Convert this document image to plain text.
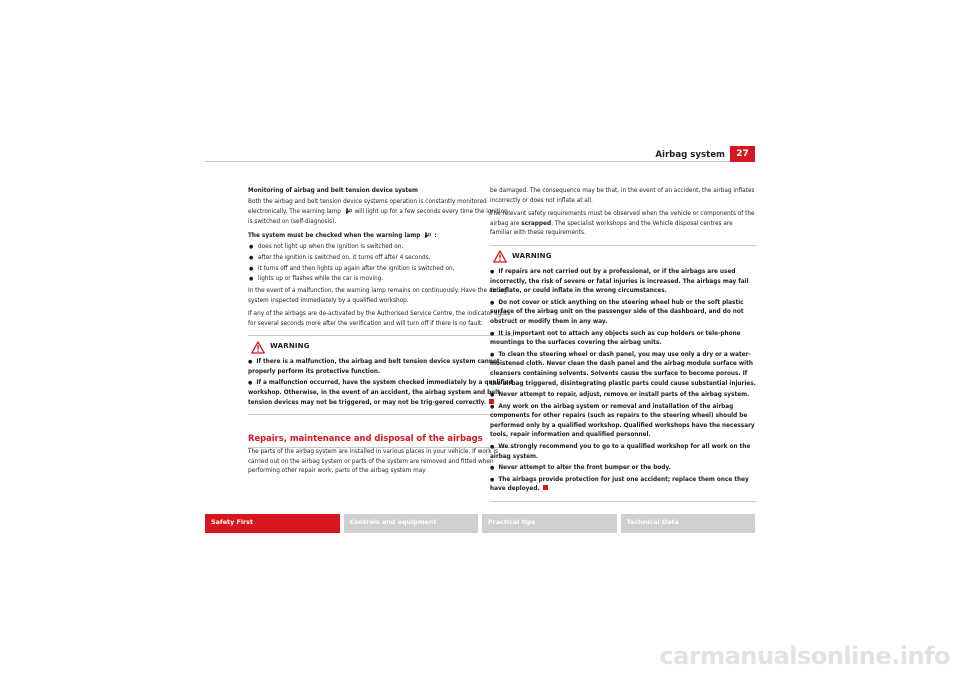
Airbag system	27

Monitoring of airbag and belt tension device system

Both the airbag and belt tension device systems operation is constantly monitored electronically. The warning lamp will light up for a few seconds every time the ignition is switched on (self-diagnosis).

The system must be checked when the warning lamp :

● does not light up when the ignition is switched on,
● after the ignition is switched on, it turns off after 4 seconds,
● it turns off and then lights up again after the ignition is switched on,
● lights up or flashes while the car is moving.

In the event of a malfunction, the warning lamp remains on continuously. Have the airbag system inspected immediately by a qualified workshop.

If any of the airbags are de-activated by the Authorised Service Centre, the indicator lights for several seconds more after the verification and will turn off if there is no fault.

WARNING
● If there is a malfunction, the airbag and belt tension device system cannot properly perform its protective function.
● If a malfunction occurred, have the system checked immediately by a qualified workshop. Otherwise, in the event of an accident, the airbag system and belt tension devices may not be triggered, or may not be trig-gered correctly.
Repairs, maintenance and disposal of the airbags

The parts of the airbag system are installed in various places in your vehicle. If work is carried out on the airbag system or parts of the system are removed and fitted when performing other repair work, parts of the airbag system may

be damaged. The consequence may be that, in the event of an accident, the airbag inflates incorrectly or does not inflate at all.

The relevant safety requirements must be observed when the vehicle or components of the airbag are scrapped. The specialist workshops and the Vehicle disposal centres are familiar with these requirements.

WARNING
● If repairs are not carried out by a professional, or if the airbags are used incorrectly, the risk of severe or fatal injuries is increased. The airbags may fail to inflate, or could inflate in the wrong circumstances.
● Do not cover or stick anything on the steering wheel hub or the soft plastic surface of the airbag unit on the passenger side of the dashboard, and do not obstruct or modify them in any way.
● It is important not to attach any objects such as cup holders or tele-phone mountings to the surfaces covering the airbag units.
● To clean the steering wheel or dash panel, you may use only a dry or a water-moistened cloth. Never clean the dash panel and the airbag module surface with cleansers containing solvents. Solvents cause the surface to become porous. If the airbag triggered, disintegrating plastic parts could cause substantial injuries.
● Never attempt to repair, adjust, remove or install parts of the airbag system.
● Any work on the airbag system or removal and installation of the airbag components for other repairs (such as repairs to the steering wheel) should be performed only by a qualified workshop. Qualified workshops have the necessary tools, repair information and qualified personnel.
● We strongly recommend you to go to a qualified workshop for all work on the airbag system.
● Never attempt to alter the front bumper or the body.
● The airbags provide protection for just one accident; replace them once they have deployed.
Safety First	Controls and equipment	Practical tips	Technical Data
carmanualsonline.info
